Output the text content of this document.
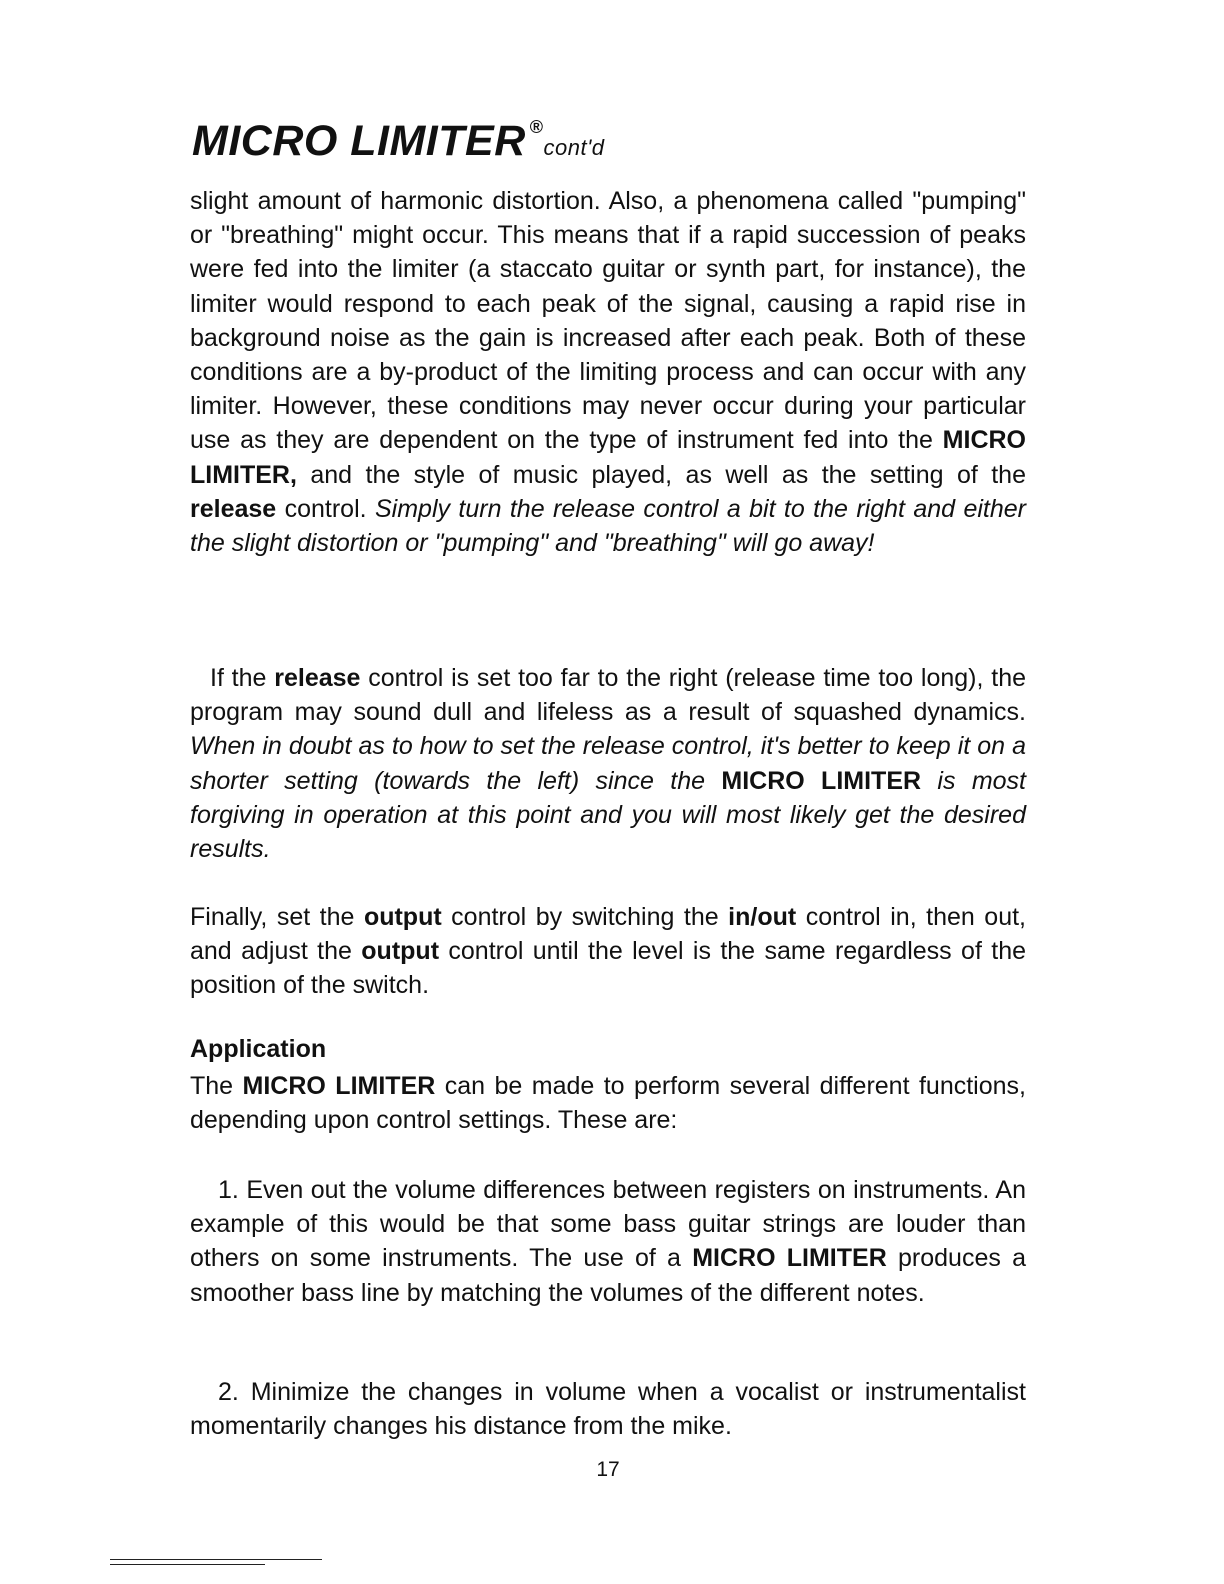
MICRO LIMITER ®cont'd

slight amount of harmonic distortion. Also, a phenomena called "pumping" or "breathing" might occur. This means that if a rapid succession of peaks were fed into the limiter (a staccato guitar or synth part, for instance), the limiter would respond to each peak of the signal, causing a rapid rise in background noise as the gain is increased after each peak. Both of these conditions are a by-product of the limiting process and can occur with any limiter. However, these conditions may never occur during your particular use as they are dependent on the type of instrument fed into the MICRO LIMITER, and the style of music played, as well as the setting of the release control. Simply turn the release control a bit to the right and either the slight distortion or "pumping" and "breathing" will go away!

If the release control is set too far to the right (release time too long), the program may sound dull and lifeless as a result of squashed dynamics. When in doubt as to how to set the release control, it's better to keep it on a shorter setting (towards the left) since the MICRO LIMITER is most forgiving in operation at this point and you will most likely get the desired results.

Finally, set the output control by switching the in/out control in, then out, and adjust the output control until the level is the same regardless of the position of the switch.

Application

The MICRO LIMITER can be made to perform several different functions, depending upon control settings. These are:

1. Even out the volume differences between registers on instruments. An example of this would be that some bass guitar strings are louder than others on some instruments. The use of a MICRO LIMITER produces a smoother bass line by matching the volumes of the different notes.

2. Minimize the changes in volume when a vocalist or instrumentalist momentarily changes his distance from the mike.

17
